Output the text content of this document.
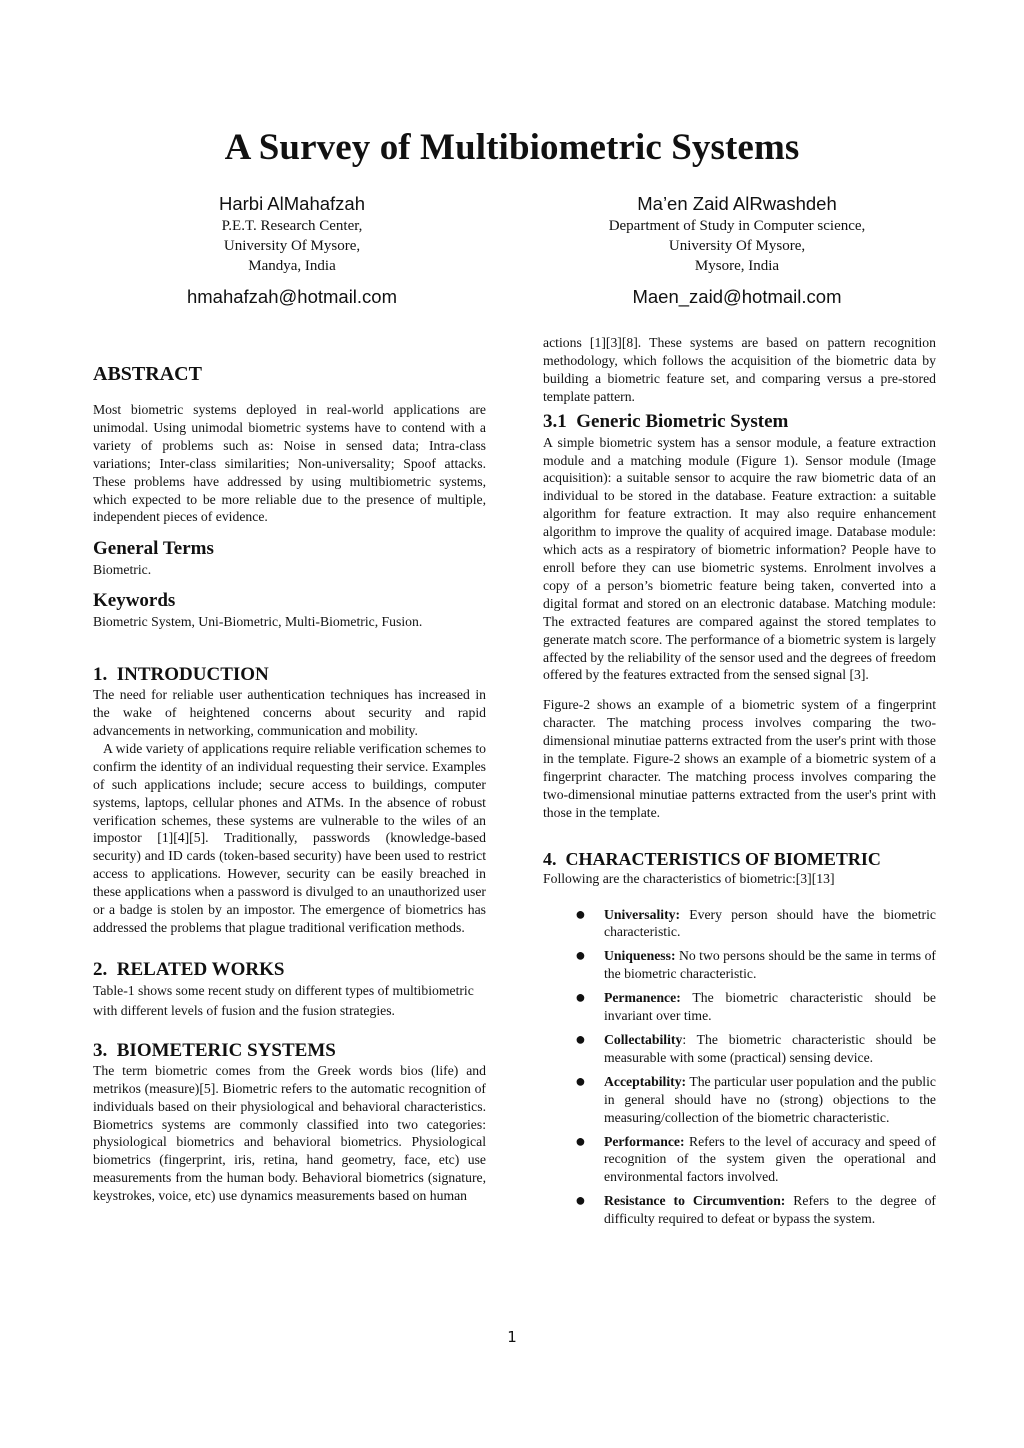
A Survey of Multibiometric Systems
Harbi AlMahafzah
P.E.T. Research Center,
University Of Mysore,
Mandya, India
hmahafzah@hotmail.com
Ma’en Zaid AlRwashdeh
Department of Study in Computer science,
University Of Mysore,
Mysore, India
Maen_zaid@hotmail.com
ABSTRACT

Most biometric systems deployed in real-world applications are unimodal. Using unimodal biometric systems have to contend with a variety of problems such as: Noise in sensed data; Intra-class variations; Inter-class similarities; Non-universality; Spoof attacks. These problems have addressed by using multibiometric systems, which expected to be more reliable due to the presence of multiple, independent pieces of evidence.

General Terms

Biometric.

Keywords

Biometric System, Uni-Biometric, Multi-Biometric, Fusion.

1.  INTRODUCTION

The need for reliable user authentication techniques has increased in the wake of heightened concerns about security and rapid advancements in networking, communication and mobility.

A wide variety of applications require reliable verification schemes to confirm the identity of an individual requesting their service. Examples of such applications include; secure access to buildings, computer systems, laptops, cellular phones and ATMs. In the absence of robust verification schemes, these systems are vulnerable to the wiles of an impostor [1][4][5]. Traditionally, passwords (knowledge-based security) and ID cards (token-based security) have been used to restrict access to applications. However, security can be easily breached in these applications when a password is divulged to an unauthorized user or a badge is stolen by an impostor. The emergence of biometrics has addressed the problems that plague traditional verification methods.

2.  RELATED WORKS

Table-1 shows some recent study on different types of multibiometric with different levels of fusion and the fusion strategies.

3.  BIOMETERIC SYSTEMS

The term biometric comes from the Greek words bios (life) and metrikos (measure)[5]. Biometric refers to the automatic recognition of individuals based on their physiological and behavioral characteristics. Biometrics systems are commonly classified into two categories: physiological biometrics and behavioral biometrics. Physiological biometrics (fingerprint, iris, retina, hand geometry, face, etc) use measurements from the human body. Behavioral biometrics (signature, keystrokes, voice, etc) use dynamics measurements based on human

actions [1][3][8]. These systems are based on pattern recognition methodology, which follows the acquisition of the biometric data by building a biometric feature set, and comparing versus a pre-stored template pattern.

3.1  Generic Biometric System

A simple biometric system has a sensor module, a feature extraction module and a matching module (Figure 1). Sensor module (Image acquisition): a suitable sensor to acquire the raw biometric data of an individual to be stored in the database. Feature extraction: a suitable algorithm for feature extraction. It may also require enhancement algorithm to improve the quality of acquired image. Database module: which acts as a respiratory of biometric information? People have to enroll before they can use biometric systems. Enrolment involves a copy of a person’s biometric feature being taken, converted into a digital format and stored on an electronic database. Matching module: The extracted features are compared against the stored templates to generate match score. The performance of a biometric system is largely affected by the reliability of the sensor used and the degrees of freedom offered by the features extracted from the sensed signal [3].

Figure-2 shows an example of a biometric system of a fingerprint character. The matching process involves comparing the two-dimensional minutiae patterns extracted from the user's print with those in the template. Figure-2 shows an example of a biometric system of a fingerprint character. The matching process involves comparing the two-dimensional minutiae patterns extracted from the user's print with those in the template.

4.  CHARACTERISTICS OF BIOMETRIC

Following are the characteristics of biometric:[3][13]

● Universality: Every person should have the biometric characteristic.
● Uniqueness: No two persons should be the same in terms of the biometric characteristic.
● Permanence: The biometric characteristic should be invariant over time.
● Collectability: The biometric characteristic should be measurable with some (practical) sensing device.
● Acceptability: The particular user population and the public in general should have no (strong) objections to the measuring/collection of the biometric characteristic.
● Performance: Refers to the level of accuracy and speed of recognition of the system given the operational and environmental factors involved.
● Resistance to Circumvention: Refers to the degree of difficulty required to defeat or bypass the system.
1
